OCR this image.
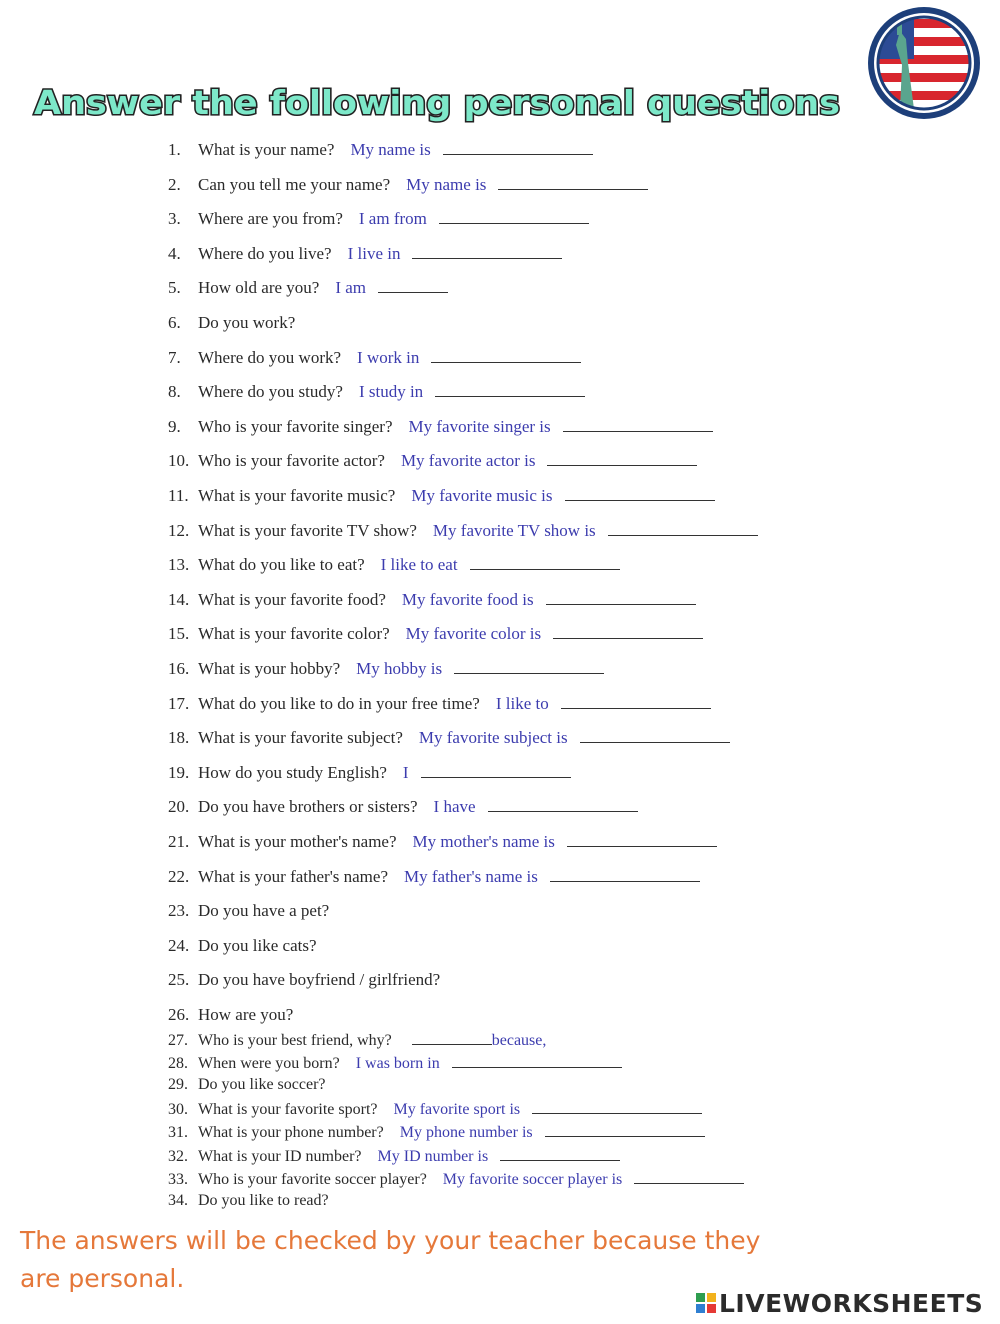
Answer the following personal questions
1.	What is your name? My name is
2.	Can you tell me your name? My name is
3.	Where are you from? I am from
4.	Where do you live? I live in
5.	How old are you? I am
6.	Do you work?
7.	Where do you work? I work in
8.	Where do you study? I study in
9.	Who is your favorite singer? My favorite singer is
10. Who is your favorite actor? My favorite actor is
11. What is your favorite music? My favorite music is
12. What is your favorite TV show? My favorite TV show is
13. What do you like to eat? I like to eat
14. What is your favorite food? My favorite food is
15. What is your favorite color? My favorite color is
16. What is your hobby? My hobby is
17. What do you like to do in your free time? I like to
18. What is your favorite subject? My favorite subject is
19. How do you study English? I
20. Do you have brothers or sisters? I have
21. What is your mother's name? My mother's name is
22. What is your father's name? My father's name is
23. Do you have a pet?
24. Do you like cats?
25. Do you have boyfriend / girlfriend?
26. How are you?
27. Who is your best friend, why?	because,
28. When were you born? I was born in
29. Do you like soccer?
30. What is your favorite sport? My favorite sport is
31. What is your phone number? My phone number is
32. What is your ID number? My ID number is
33. Who is your favorite soccer player? My favorite soccer player is
34. Do you like to read?
The answers will be checked by your teacher because they
are personal.
LIVEWORKSHEETS
